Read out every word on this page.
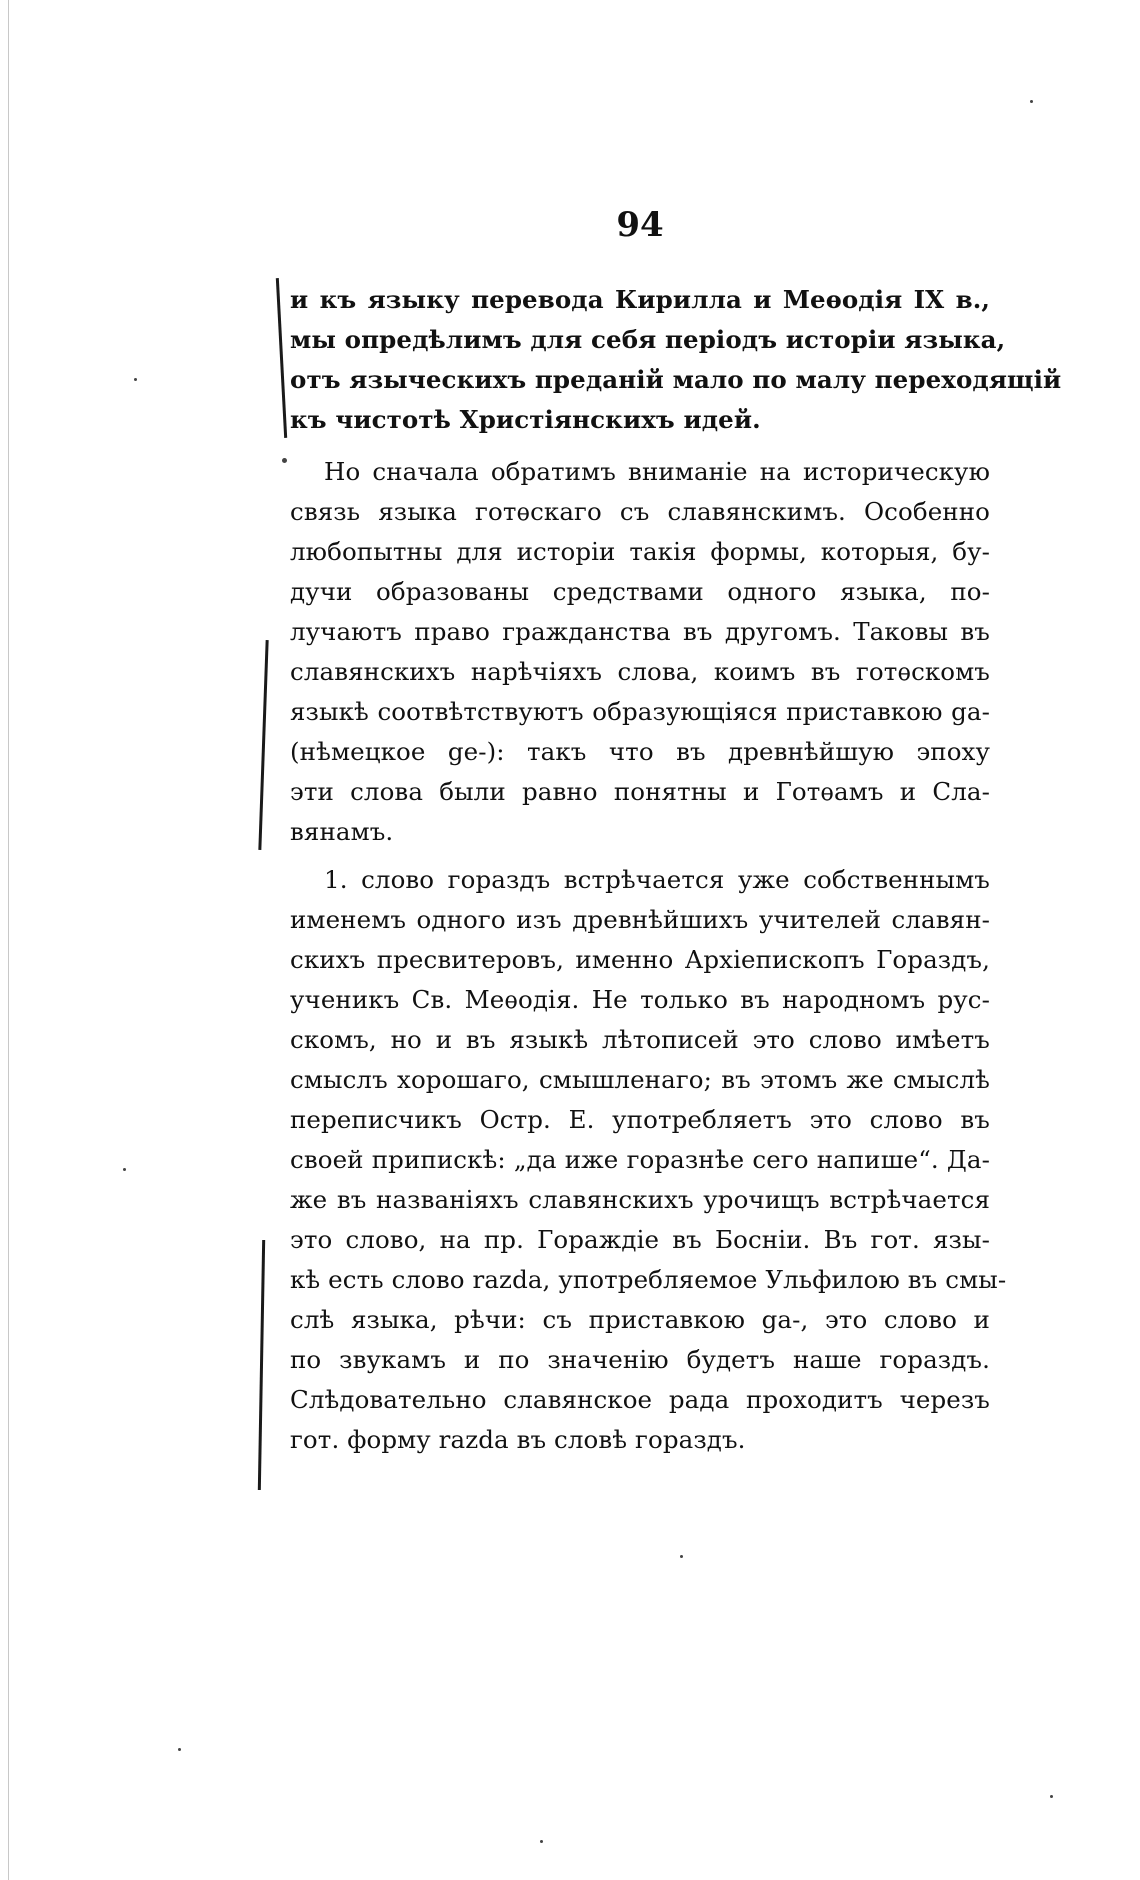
94
и къ языку перевода Кирилла и Меѳодія IX в.,
мы опредѣлимъ для себя періодъ исторіи языка,
отъ языческихъ преданій мало по малу переходящій
къ чистотѣ Христіянскихъ идей.
Но сначала обратимъ вниманіе на историческую
связь языка готѳскаго съ славянскимъ. Особенно
любопытны для исторіи такія формы, которыя, бу-
дучи образованы средствами одного языка, по-
лучаютъ право гражданства въ другомъ. Таковы въ
славянскихъ нарѣчіяхъ слова, коимъ въ готѳскомъ
языкѣ соотвѣтствуютъ образующіяся приставкою ga-
(нѣмецкое ge-): такъ что въ древнѣйшую эпоху
эти слова были равно понятны и Готѳамъ и Сла-
вянамъ.
1. слово горaздъ встрѣчается уже собственнымъ
именемъ одного изъ древнѣйшихъ учителей славян-
скихъ пресвитеровъ, именно Архіепископъ Горaздъ,
ученикъ Св. Меѳодія. Не только въ народномъ рус-
скомъ, но и въ языкѣ лѣтописей это слово имѣетъ
смыслъ хорошаго, смышленаго; въ этомъ же смыслѣ
переписчикъ Остр. Е. употребляетъ это слово въ
своей припискѣ: „да иже горазнѣе сего напише“. Да-
же въ названіяхъ славянскихъ урочищъ встрѣчается
это слово, на пр. Горaждіе въ Босніи. Въ гот. язы-
кѣ есть слово razda, употребляемое Ульфилою въ смы-
слѣ языка, рѣчи: съ приставкою ga-, это слово и
по звукамъ и по значенію будетъ наше горaздъ.
Слѣдовательно славянское рада проходитъ черезъ
гот. форму razda въ словѣ горaздъ.
